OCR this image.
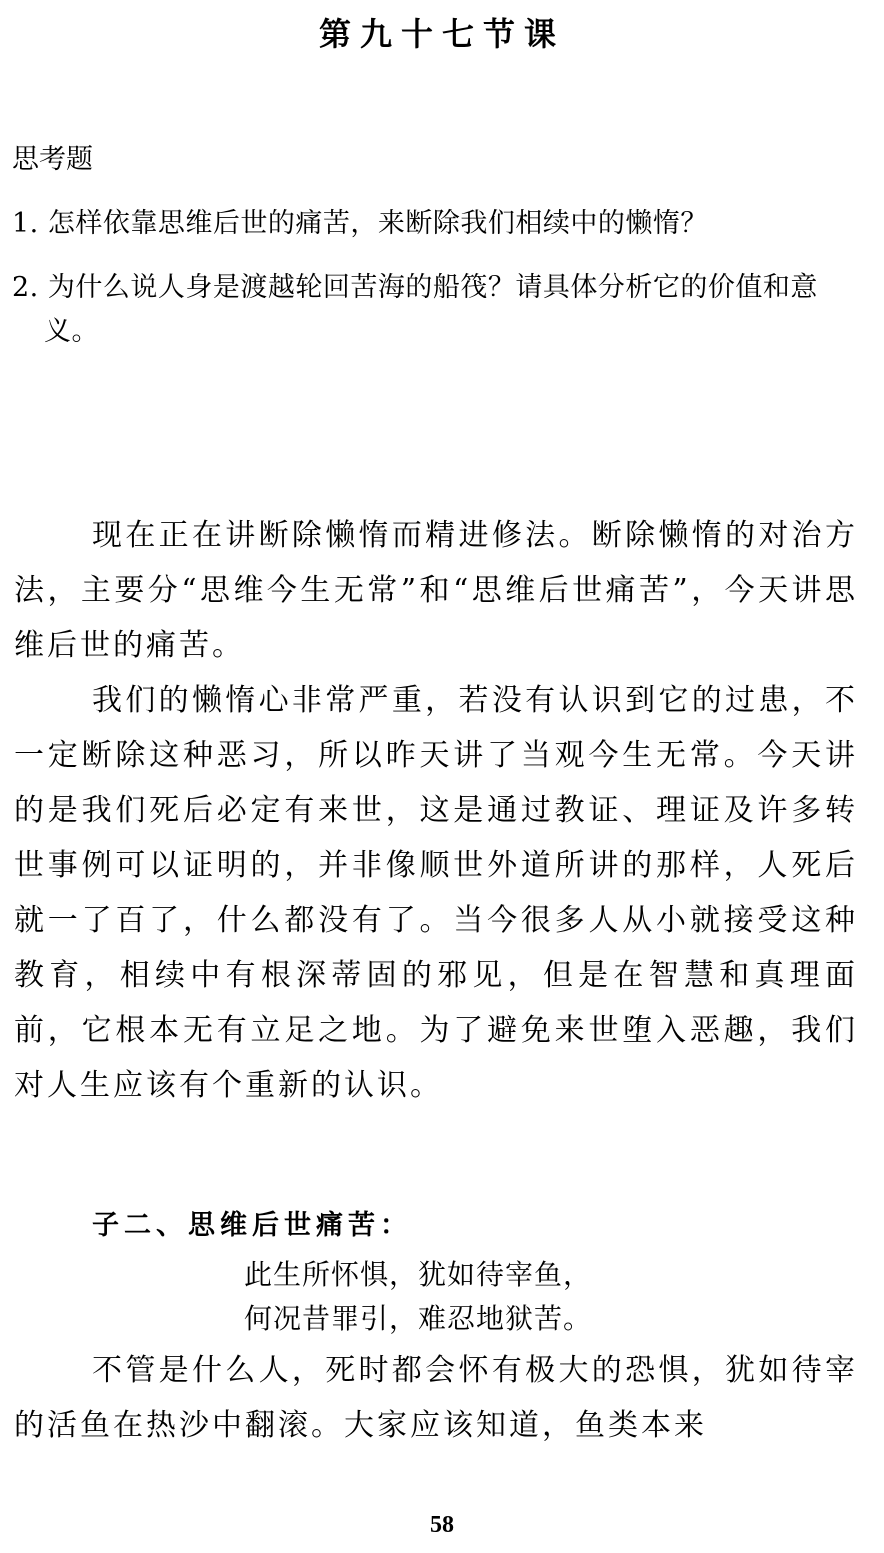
第九十七节课
思考题
1. 怎样依靠思维后世的痛苦，来断除我们相续中的懒惰？
2. 为什么说人身是渡越轮回苦海的船筏？请具体分析它的价值和意义。

现在正在讲断除懒惰而精进修法。断除懒惰的对治方法，主要分“思维今生无常”和“思维后世痛苦”，今天讲思维后世的痛苦。

我们的懒惰心非常严重，若没有认识到它的过患，不一定断除这种恶习，所以昨天讲了当观今生无常。今天讲的是我们死后必定有来世，这是通过教证、理证及许多转世事例可以证明的，并非像顺世外道所讲的那样，人死后就一了百了，什么都没有了。当今很多人从小就接受这种教育，相续中有根深蒂固的邪见，但是在智慧和真理面前，它根本无有立足之地。为了避免来世堕入恶趣，我们对人生应该有个重新的认识。

子二、思维后世痛苦：
此生所怀惧，犹如待宰鱼，
何况昔罪引，难忍地狱苦。

不管是什么人，死时都会怀有极大的恐惧，犹如待宰的活鱼在热沙中翻滚。大家应该知道，鱼类本来

58
